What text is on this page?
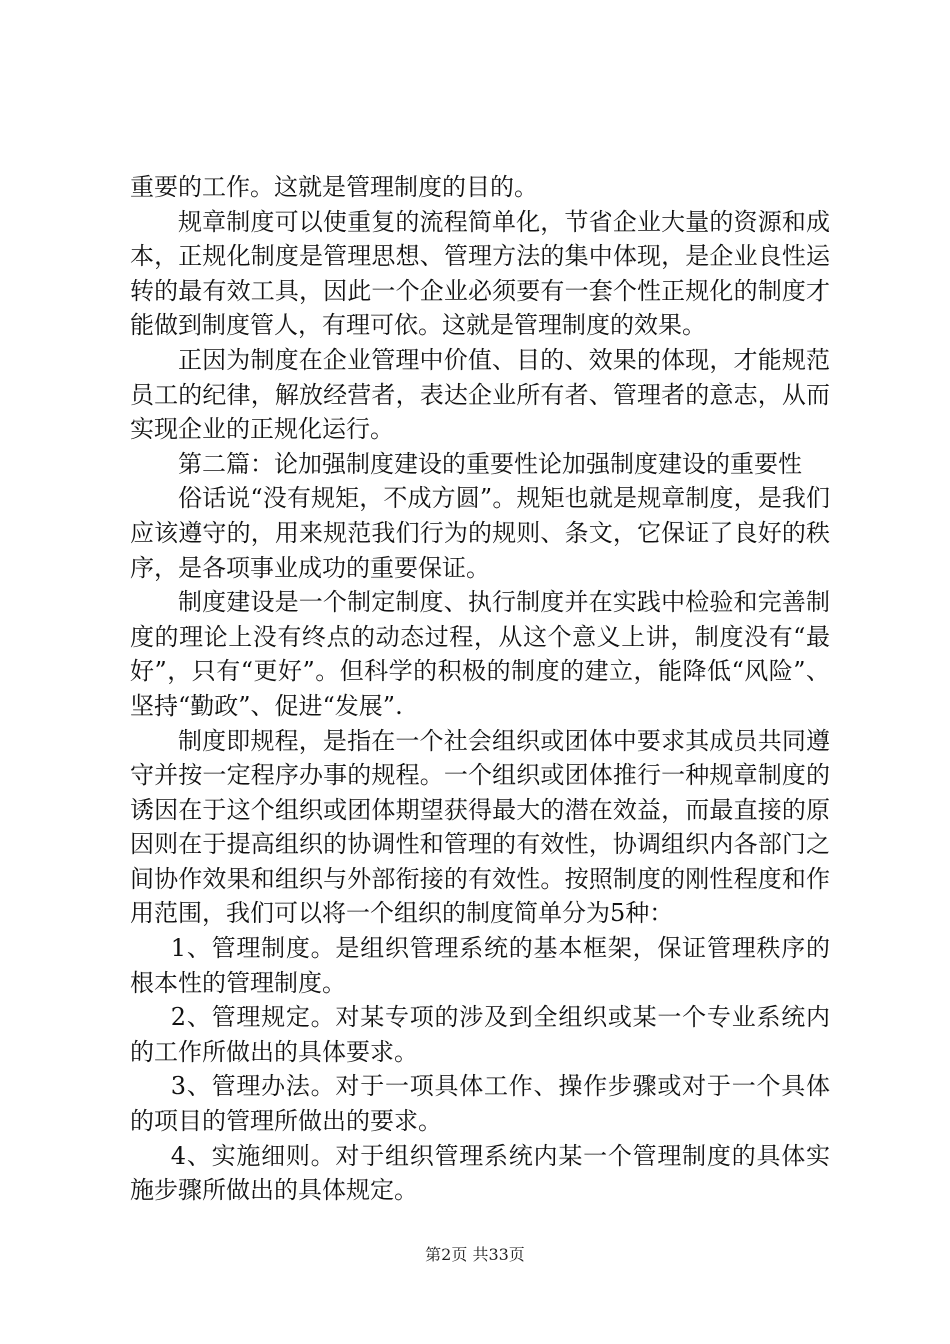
重要的工作。这就是管理制度的目的。

规章制度可以使重复的流程简单化，节省企业大量的资源和成本，正规化制度是管理思想、管理方法的集中体现，是企业良性运转的最有效工具，因此一个企业必须要有一套个性正规化的制度才能做到制度管人，有理可依。这就是管理制度的效果。

正因为制度在企业管理中价值、目的、效果的体现，才能规范员工的纪律，解放经营者，表达企业所有者、管理者的意志，从而实现企业的正规化运行。

第二篇：论加强制度建设的重要性论加强制度建设的重要性

俗话说“没有规矩，不成方圆”。规矩也就是规章制度，是我们应该遵守的，用来规范我们行为的规则、条文，它保证了良好的秩序，是各项事业成功的重要保证。

制度建设是一个制定制度、执行制度并在实践中检验和完善制度的理论上没有终点的动态过程，从这个意义上讲，制度没有“最好”，只有“更好”。但科学的积极的制度的建立，能降低“风险”、坚持“勤政”、促进“发展”.

制度即规程，是指在一个社会组织或团体中要求其成员共同遵守并按一定程序办事的规程。一个组织或团体推行一种规章制度的诱因在于这个组织或团体期望获得最大的潜在效益，而最直接的原因则在于提高组织的协调性和管理的有效性，协调组织内各部门之间协作效果和组织与外部衔接的有效性。按照制度的刚性程度和作用范围，我们可以将一个组织的制度简单分为5种：

1、管理制度。是组织管理系统的基本框架，保证管理秩序的根本性的管理制度。

2、管理规定。对某专项的涉及到全组织或某一个专业系统内的工作所做出的具体要求。

3、管理办法。对于一项具体工作、操作步骤或对于一个具体的项目的管理所做出的要求。

4、实施细则。对于组织管理系统内某一个管理制度的具体实施步骤所做出的具体规定。

第2页 共33页
